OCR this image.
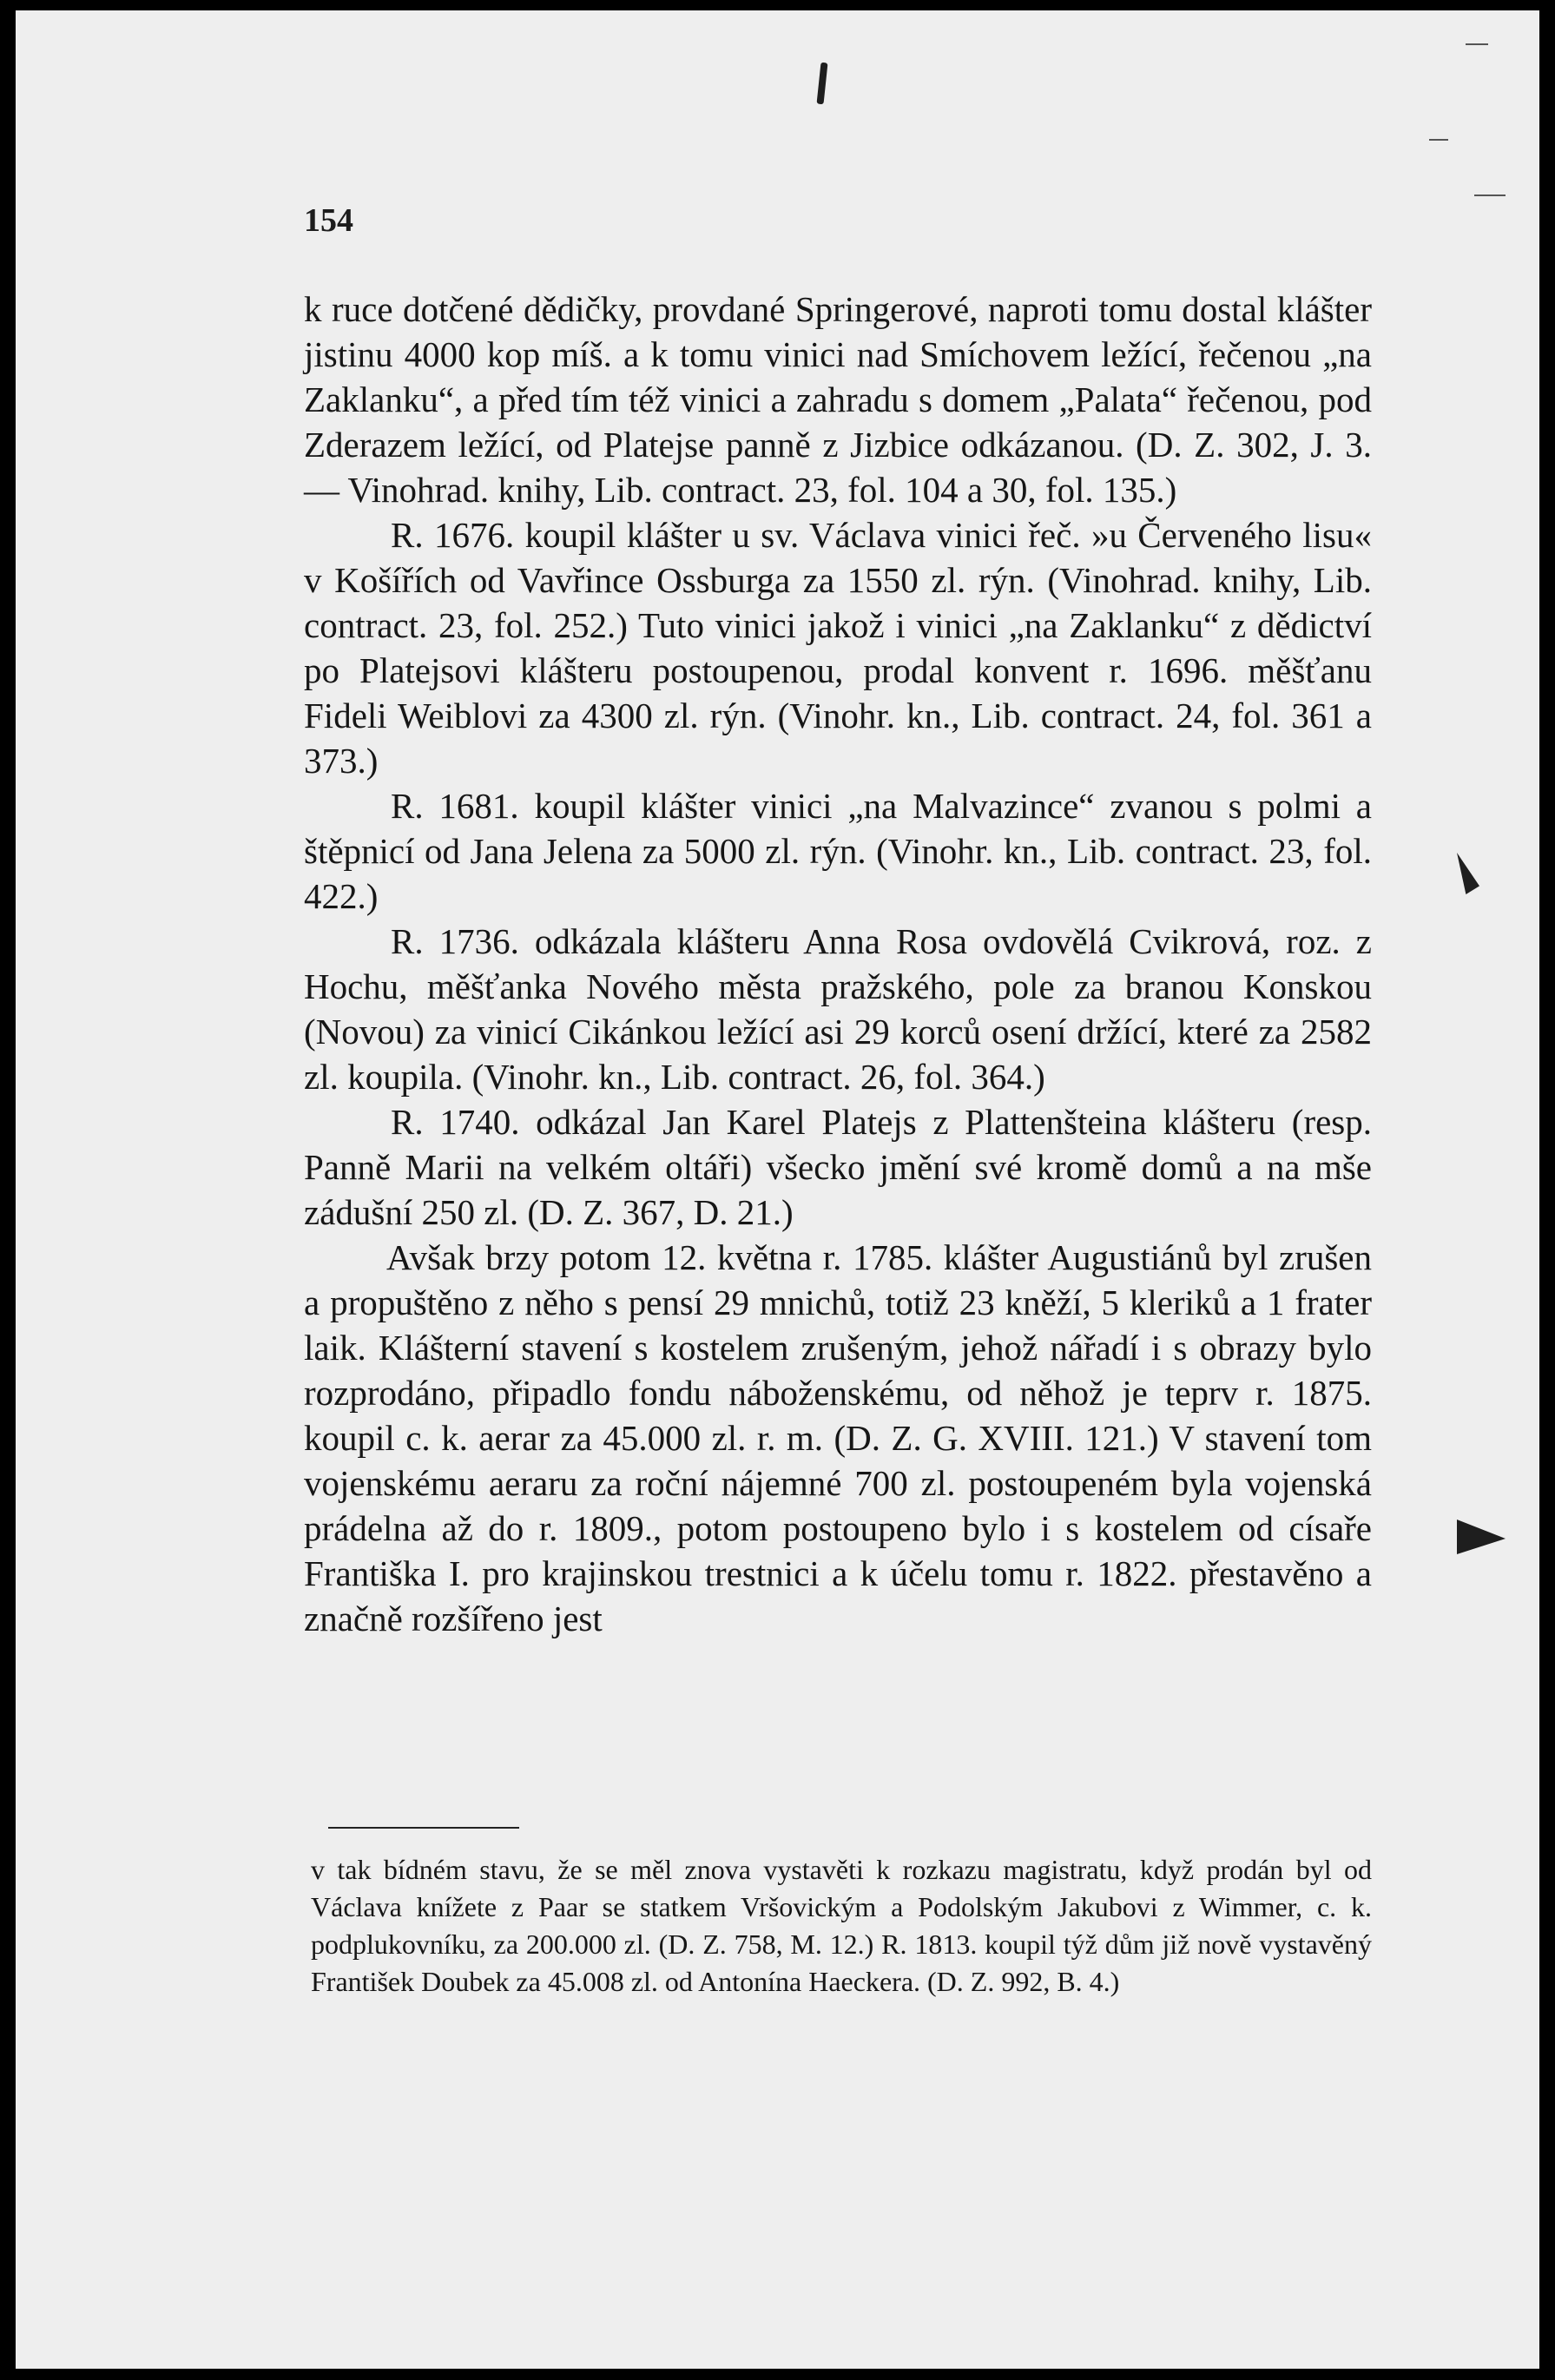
154

k ruce dotčené dědičky, provdané Springerové, naproti tomu dostal klášter jistinu 4000 kop míš. a k tomu vinici nad Smíchovem ležící, řečenou „na Zaklanku“, a před tím též vinici a zahradu s domem „Palata“ řečenou, pod Zderazem ležící, od Platejse panně z Jizbice odkázanou. (D. Z. 302, J. 3. — Vinohrad. knihy, Lib. contract. 23, fol. 104 a 30, fol. 135.)

R. 1676. koupil klášter u sv. Václava vinici řeč. »u Červeného lisu« v Košířích od Vavřince Ossburga za 1550 zl. rýn. (Vinohrad. knihy, Lib. contract. 23, fol. 252.) Tuto vinici jakož i vinici „na Zaklanku“ z dědictví po Platejsovi klášteru postoupenou, prodal konvent r. 1696. měšťanu Fideli Weiblovi za 4300 zl. rýn. (Vinohr. kn., Lib. contract. 24, fol. 361 a 373.)

R. 1681. koupil klášter vinici „na Malvazince“ zvanou s polmi a štěpnicí od Jana Jelena za 5000 zl. rýn. (Vinohr. kn., Lib. contract. 23, fol. 422.)

R. 1736. odkázala klášteru Anna Rosa ovdovělá Cvikrová, roz. z Hochu, měšťanka Nového města pražského, pole za branou Konskou (Novou) za vinicí Cikánkou ležící asi 29 korců osení držící, které za 2582 zl. koupila. (Vinohr. kn., Lib. contract. 26, fol. 364.)

R. 1740. odkázal Jan Karel Platejs z Plattenšteina klášteru (resp. Panně Marii na velkém oltáři) všecko jmění své kromě domů a na mše zádušní 250 zl. (D. Z. 367, D. 21.)

Avšak brzy potom 12. května r. 1785. klášter Augustiánů byl zrušen a propuštěno z něho s pensí 29 mnichů, totiž 23 kněží, 5 kleriků a 1 frater laik. Klášterní stavení s kostelem zrušeným, jehož nářadí i s obrazy bylo rozprodáno, připadlo fondu náboženskému, od něhož je teprv r. 1875. koupil c. k. aerar za 45.000 zl. r. m. (D. Z. G. XVIII. 121.) V stavení tom vojenskému aeraru za roční nájemné 700 zl. postoupeném byla vojenská prádelna až do r. 1809., potom postoupeno bylo i s kostelem od císaře Františka I. pro krajinskou trestnici a k účelu tomu r. 1822. přestavěno a značně rozšířeno jest

v tak bídném stavu, že se měl znova vystavěti k rozkazu magistratu, když prodán byl od Václava knížete z Paar se statkem Vršovickým a Podolským Jakubovi z Wimmer, c. k. podplukovníku, za 200.000 zl. (D. Z. 758, M. 12.) R. 1813. koupil týž dům již nově vystavěný František Doubek za 45.008 zl. od Antonína Haeckera. (D. Z. 992, B. 4.)
